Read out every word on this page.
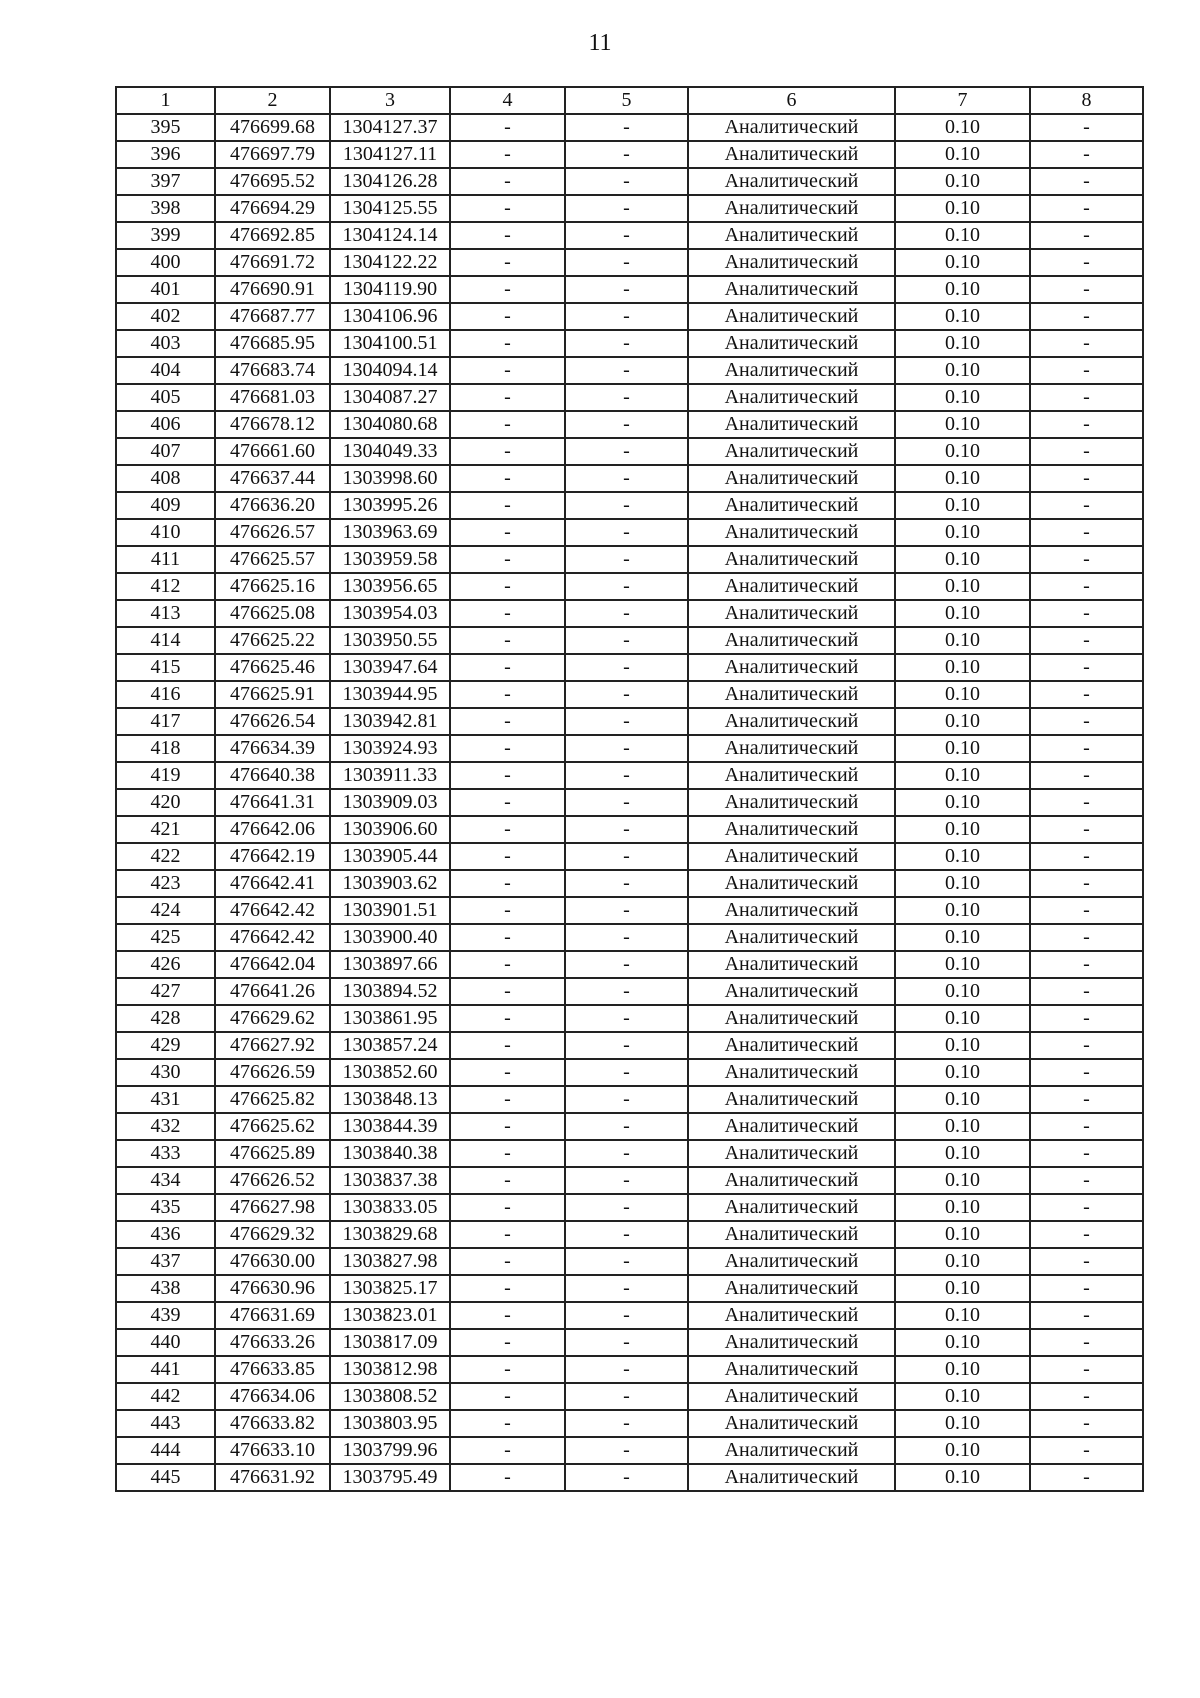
11
1	2	3	4	5	6	7	8
395	476699.68	1304127.37	-	-	Аналитический	0.10	-
396	476697.79	1304127.11	-	-	Аналитический	0.10	-
397	476695.52	1304126.28	-	-	Аналитический	0.10	-
398	476694.29	1304125.55	-	-	Аналитический	0.10	-
399	476692.85	1304124.14	-	-	Аналитический	0.10	-
400	476691.72	1304122.22	-	-	Аналитический	0.10	-
401	476690.91	1304119.90	-	-	Аналитический	0.10	-
402	476687.77	1304106.96	-	-	Аналитический	0.10	-
403	476685.95	1304100.51	-	-	Аналитический	0.10	-
404	476683.74	1304094.14	-	-	Аналитический	0.10	-
405	476681.03	1304087.27	-	-	Аналитический	0.10	-
406	476678.12	1304080.68	-	-	Аналитический	0.10	-
407	476661.60	1304049.33	-	-	Аналитический	0.10	-
408	476637.44	1303998.60	-	-	Аналитический	0.10	-
409	476636.20	1303995.26	-	-	Аналитический	0.10	-
410	476626.57	1303963.69	-	-	Аналитический	0.10	-
411	476625.57	1303959.58	-	-	Аналитический	0.10	-
412	476625.16	1303956.65	-	-	Аналитический	0.10	-
413	476625.08	1303954.03	-	-	Аналитический	0.10	-
414	476625.22	1303950.55	-	-	Аналитический	0.10	-
415	476625.46	1303947.64	-	-	Аналитический	0.10	-
416	476625.91	1303944.95	-	-	Аналитический	0.10	-
417	476626.54	1303942.81	-	-	Аналитический	0.10	-
418	476634.39	1303924.93	-	-	Аналитический	0.10	-
419	476640.38	1303911.33	-	-	Аналитический	0.10	-
420	476641.31	1303909.03	-	-	Аналитический	0.10	-
421	476642.06	1303906.60	-	-	Аналитический	0.10	-
422	476642.19	1303905.44	-	-	Аналитический	0.10	-
423	476642.41	1303903.62	-	-	Аналитический	0.10	-
424	476642.42	1303901.51	-	-	Аналитический	0.10	-
425	476642.42	1303900.40	-	-	Аналитический	0.10	-
426	476642.04	1303897.66	-	-	Аналитический	0.10	-
427	476641.26	1303894.52	-	-	Аналитический	0.10	-
428	476629.62	1303861.95	-	-	Аналитический	0.10	-
429	476627.92	1303857.24	-	-	Аналитический	0.10	-
430	476626.59	1303852.60	-	-	Аналитический	0.10	-
431	476625.82	1303848.13	-	-	Аналитический	0.10	-
432	476625.62	1303844.39	-	-	Аналитический	0.10	-
433	476625.89	1303840.38	-	-	Аналитический	0.10	-
434	476626.52	1303837.38	-	-	Аналитический	0.10	-
435	476627.98	1303833.05	-	-	Аналитический	0.10	-
436	476629.32	1303829.68	-	-	Аналитический	0.10	-
437	476630.00	1303827.98	-	-	Аналитический	0.10	-
438	476630.96	1303825.17	-	-	Аналитический	0.10	-
439	476631.69	1303823.01	-	-	Аналитический	0.10	-
440	476633.26	1303817.09	-	-	Аналитический	0.10	-
441	476633.85	1303812.98	-	-	Аналитический	0.10	-
442	476634.06	1303808.52	-	-	Аналитический	0.10	-
443	476633.82	1303803.95	-	-	Аналитический	0.10	-
444	476633.10	1303799.96	-	-	Аналитический	0.10	-
445	476631.92	1303795.49	-	-	Аналитический	0.10	-
